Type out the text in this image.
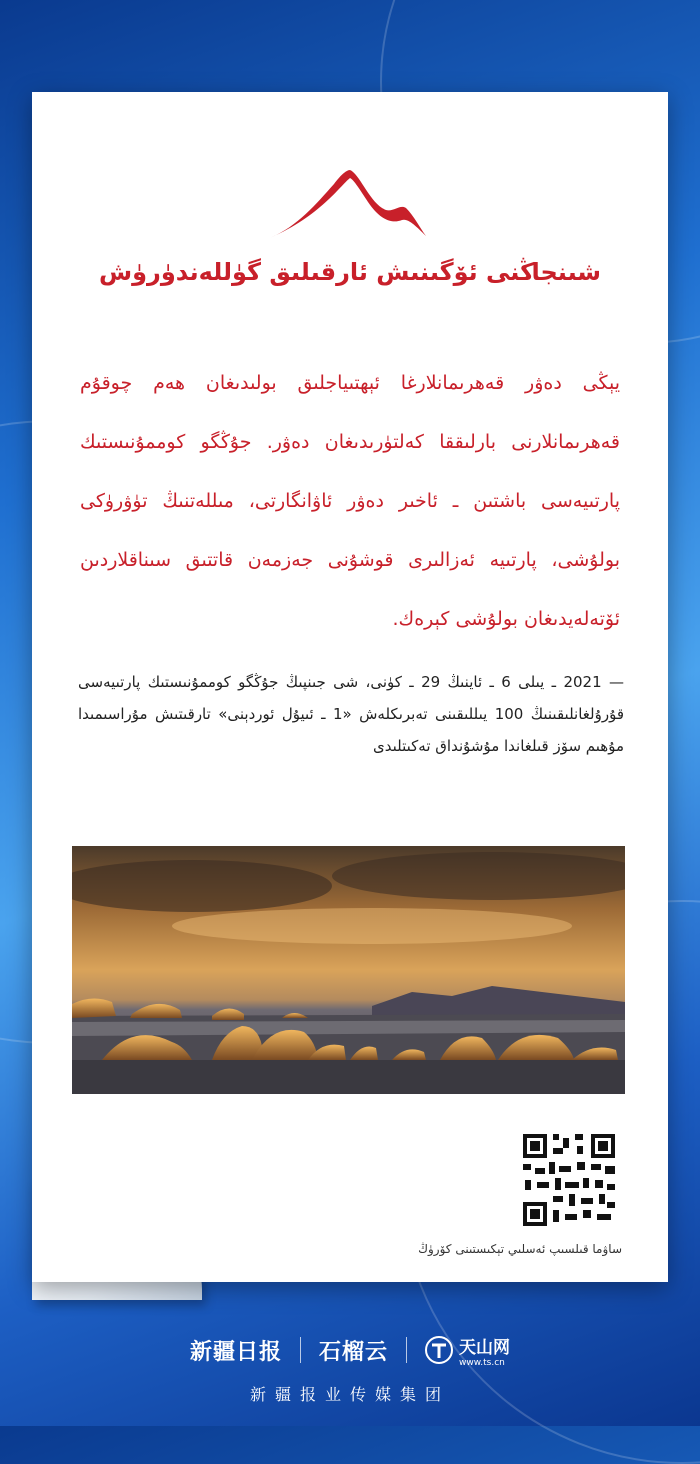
شىنجاڭنى ئۆگىنىش ئارقىلىق گۈللەندۈرۈش
يېڭى دەۋر قەھرىمانلارغا ئېھتىياجلىق بولىدىغان ھەم چوقۇم قەھرىمانلارنى بارلىققا كەلتۈرىدىغان دەۋر. جۇڭگو كوممۇنىستىك پارتىيەسى باشتىن ـ ئاخىر دەۋر ئاۋانگارتى، مىللەتنىڭ تۈۋرۈكى بولۇشى، پارتىيە ئەزالىرى قوشۇنى جەزمەن قاتتىق سىناقلاردىن ئۆتەلەيدىغان بولۇشى كېرەك.
— 2021 ـ يىلى 6 ـ ئاينىڭ 29 ـ كۈنى، شى جىنپىڭ جۇڭگو كوممۇنىستىك پارتىيەسى قۇرۇلغانلىقىنىڭ 100 يىللىقىنى تەبرىكلەش «1 ـ ئىيۇل ئوردېنى» تارقىتىش مۇراسىمىدا مۇھىم سۆز قىلغاندا مۇشۇنداق تەكىتلىدى
ساۋما قىلسىپ ئەسلىي تېكىستىنى كۆرۈڭ
新疆日报 石榴云	天山网
www.ts.cn
新疆报业传媒集团
